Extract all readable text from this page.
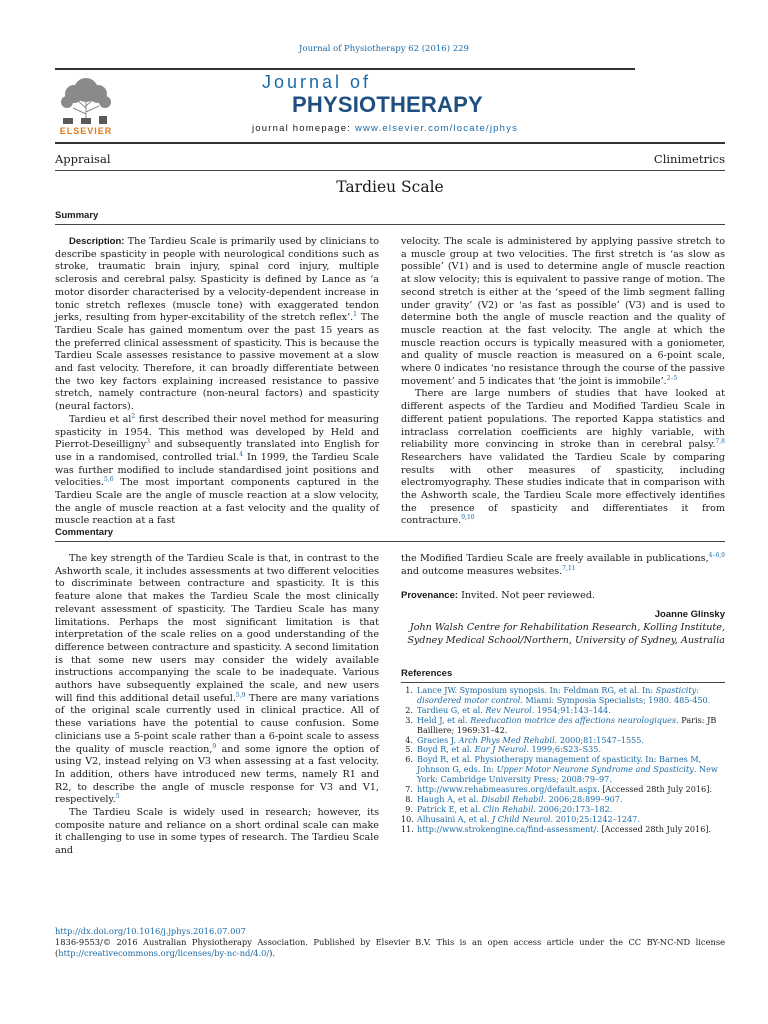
Journal of Physiotherapy 62 (2016) 229
ELSEVIER
Journal of
PHYSIOTHERAPY
journal homepage: www.elsevier.com/locate/jphys
Appraisal	Clinimetrics
Tardieu Scale
Summary

Description: The Tardieu Scale is primarily used by clinicians to describe spasticity in people with neurological conditions such as stroke, traumatic brain injury, spinal cord injury, multiple sclerosis and cerebral palsy. Spasticity is defined by Lance as ‘a motor disorder characterised by a velocity-dependent increase in tonic stretch reflexes (muscle tone) with exaggerated tendon jerks, resulting from hyper-excitability of the stretch reflex’.$^1$ The Tardieu Scale has gained momentum over the past 15 years as the preferred clinical assessment of spasticity. This is because the Tardieu Scale assesses resistance to passive movement at a slow and fast velocity. Therefore, it can broadly differentiate between the two key factors explaining increased resistance to passive stretch, namely contracture (non-neural factors) and spasticity (neural factors).

Tardieu et $al^2$ first described their novel method for measuring spasticity in 1954. This method was developed by Held and Pierrot-Deseilligny$^3$ and subsequently translated into English for use in a randomised, controlled trial.$^4$ In 1999, the Tardieu Scale was further modified to include standardised joint positions and velocities.$^{5,6}$ The most important components captured in the Tardieu Scale are the angle of muscle reaction at a slow velocity, the angle of muscle reaction at a fast velocity and the quality of muscle reaction at a fast

velocity. The scale is administered by applying passive stretch to a muscle group at two velocities. The first stretch is ‘as slow as possible’ (V1) and is used to determine angle of muscle reaction at slow velocity; this is equivalent to passive range of motion. The second stretch is either at the ‘speed of the limb segment falling under gravity’ (V2) or ‘as fast as possible’ (V3) and is used to determine both the angle of muscle reaction and the quality of muscle reaction at the fast velocity. The angle at which the muscle reaction occurs is typically measured with a goniometer, and quality of muscle reaction is measured on a 6-point scale, where 0 indicates ‘no resistance through the course of the passive movement’ and 5 indicates that ‘the joint is immobile’.$^{2-5}$

There are large numbers of studies that have looked at different aspects of the Tardieu and Modified Tardieu Scale in different patient populations. The reported Kappa statistics and intraclass correlation coefficients are highly variable, with reliability more convincing in stroke than in cerebral palsy.$^{7,8}$ Researchers have validated the Tardieu Scale by comparing results with other measures of spasticity, including electromyography. These studies indicate that in comparison with the Ashworth scale, the Tardieu Scale more effectively identifies the presence of spasticity and differentiates it from contracture.$^{9,10}$

Commentary

The key strength of the Tardieu Scale is that, in contrast to the Ashworth scale, it includes assessments at two different velocities to discriminate between contracture and spasticity. It is this feature alone that makes the Tardieu Scale the most clinically relevant assessment of spasticity. The Tardieu Scale has many limitations. Perhaps the most significant limitation is that interpretation of the scale relies on a good understanding of the difference between contracture and spasticity. A second limitation is that some new users may consider the widely available instructions accompanying the scale to be inadequate. Various authors have subsequently explained the scale, and new users will find this additional detail useful.$^{5,9}$ There are many variations of the original scale currently used in clinical practice. All of these variations have the potential to cause confusion. Some clinicians use a 5-point scale rather than a 6-point scale to assess the quality of muscle reaction,$^9$ and some ignore the option of using V2, instead relying on V3 when assessing at a fast velocity. In addition, others have introduced new terms, namely R1 and R2, to describe the angle of muscle response for V3 and V1, respectively.$^5$

The Tardieu Scale is widely used in research; however, its composite nature and reliance on a short ordinal scale can make it challenging to use in some types of research. The Tardieu Scale and

the Modified Tardieu Scale are freely available in publications,$^{4-6,9}$ and outcome measures websites.$^{7,11}$

Provenance: Invited. Not peer reviewed.

Joanne Glinsky
John Walsh Centre for Rehabilitation Research, Kolling Institute,
Sydney Medical School/Northern, University of Sydney, Australia
References
1. Lance JW. Symposium synopsis. In: Feldman RG, et al. In: Spasticity: disordered motor control. Miami: Symposia Specialists; 1980. 485-450.
2. Tardieu G, et al. Rev Neurol. 1954;91:143–144.
3. Held J, et al. Reeducation motrice des affections neurologiques. Paris: JB Bailliere; 1969:31–42.
4. Gracies J. Arch Phys Med Rehabil. 2000;81:1547–1555.
5. Boyd R, et al. Eur J Neurol. 1999;6:S23–S35.
6. Boyd R, et al. Physiotherapy management of spasticity. In: Barnes M, Johnson G, eds. In: Upper Motor Neurone Syndrome and Spasticity. New York: Cambridge University Press; 2008:79–97.
7. http://www.rehabmeasures.org/default.aspx. [Accessed 28th July 2016].
8. Haugh A, et al. Disabil Rehabil. 2006;28:899–907.
9. Patrick E, et al. Clin Rehabil. 2006;20:173–182.
10. Alhusaini A, et al. J Child Neurol. 2010;25:1242–1247.
11. http://www.strokengine.ca/find-assessment/. [Accessed 28th July 2016].
http://dx.doi.org/10.1016/j.jphys.2016.07.007
1836-9553/© 2016 Australian Physiotherapy Association. Published by Elsevier B.V. This is an open access article under the CC BY-NC-ND license (http://creativecommons.org/licenses/by-nc-nd/4.0/).
